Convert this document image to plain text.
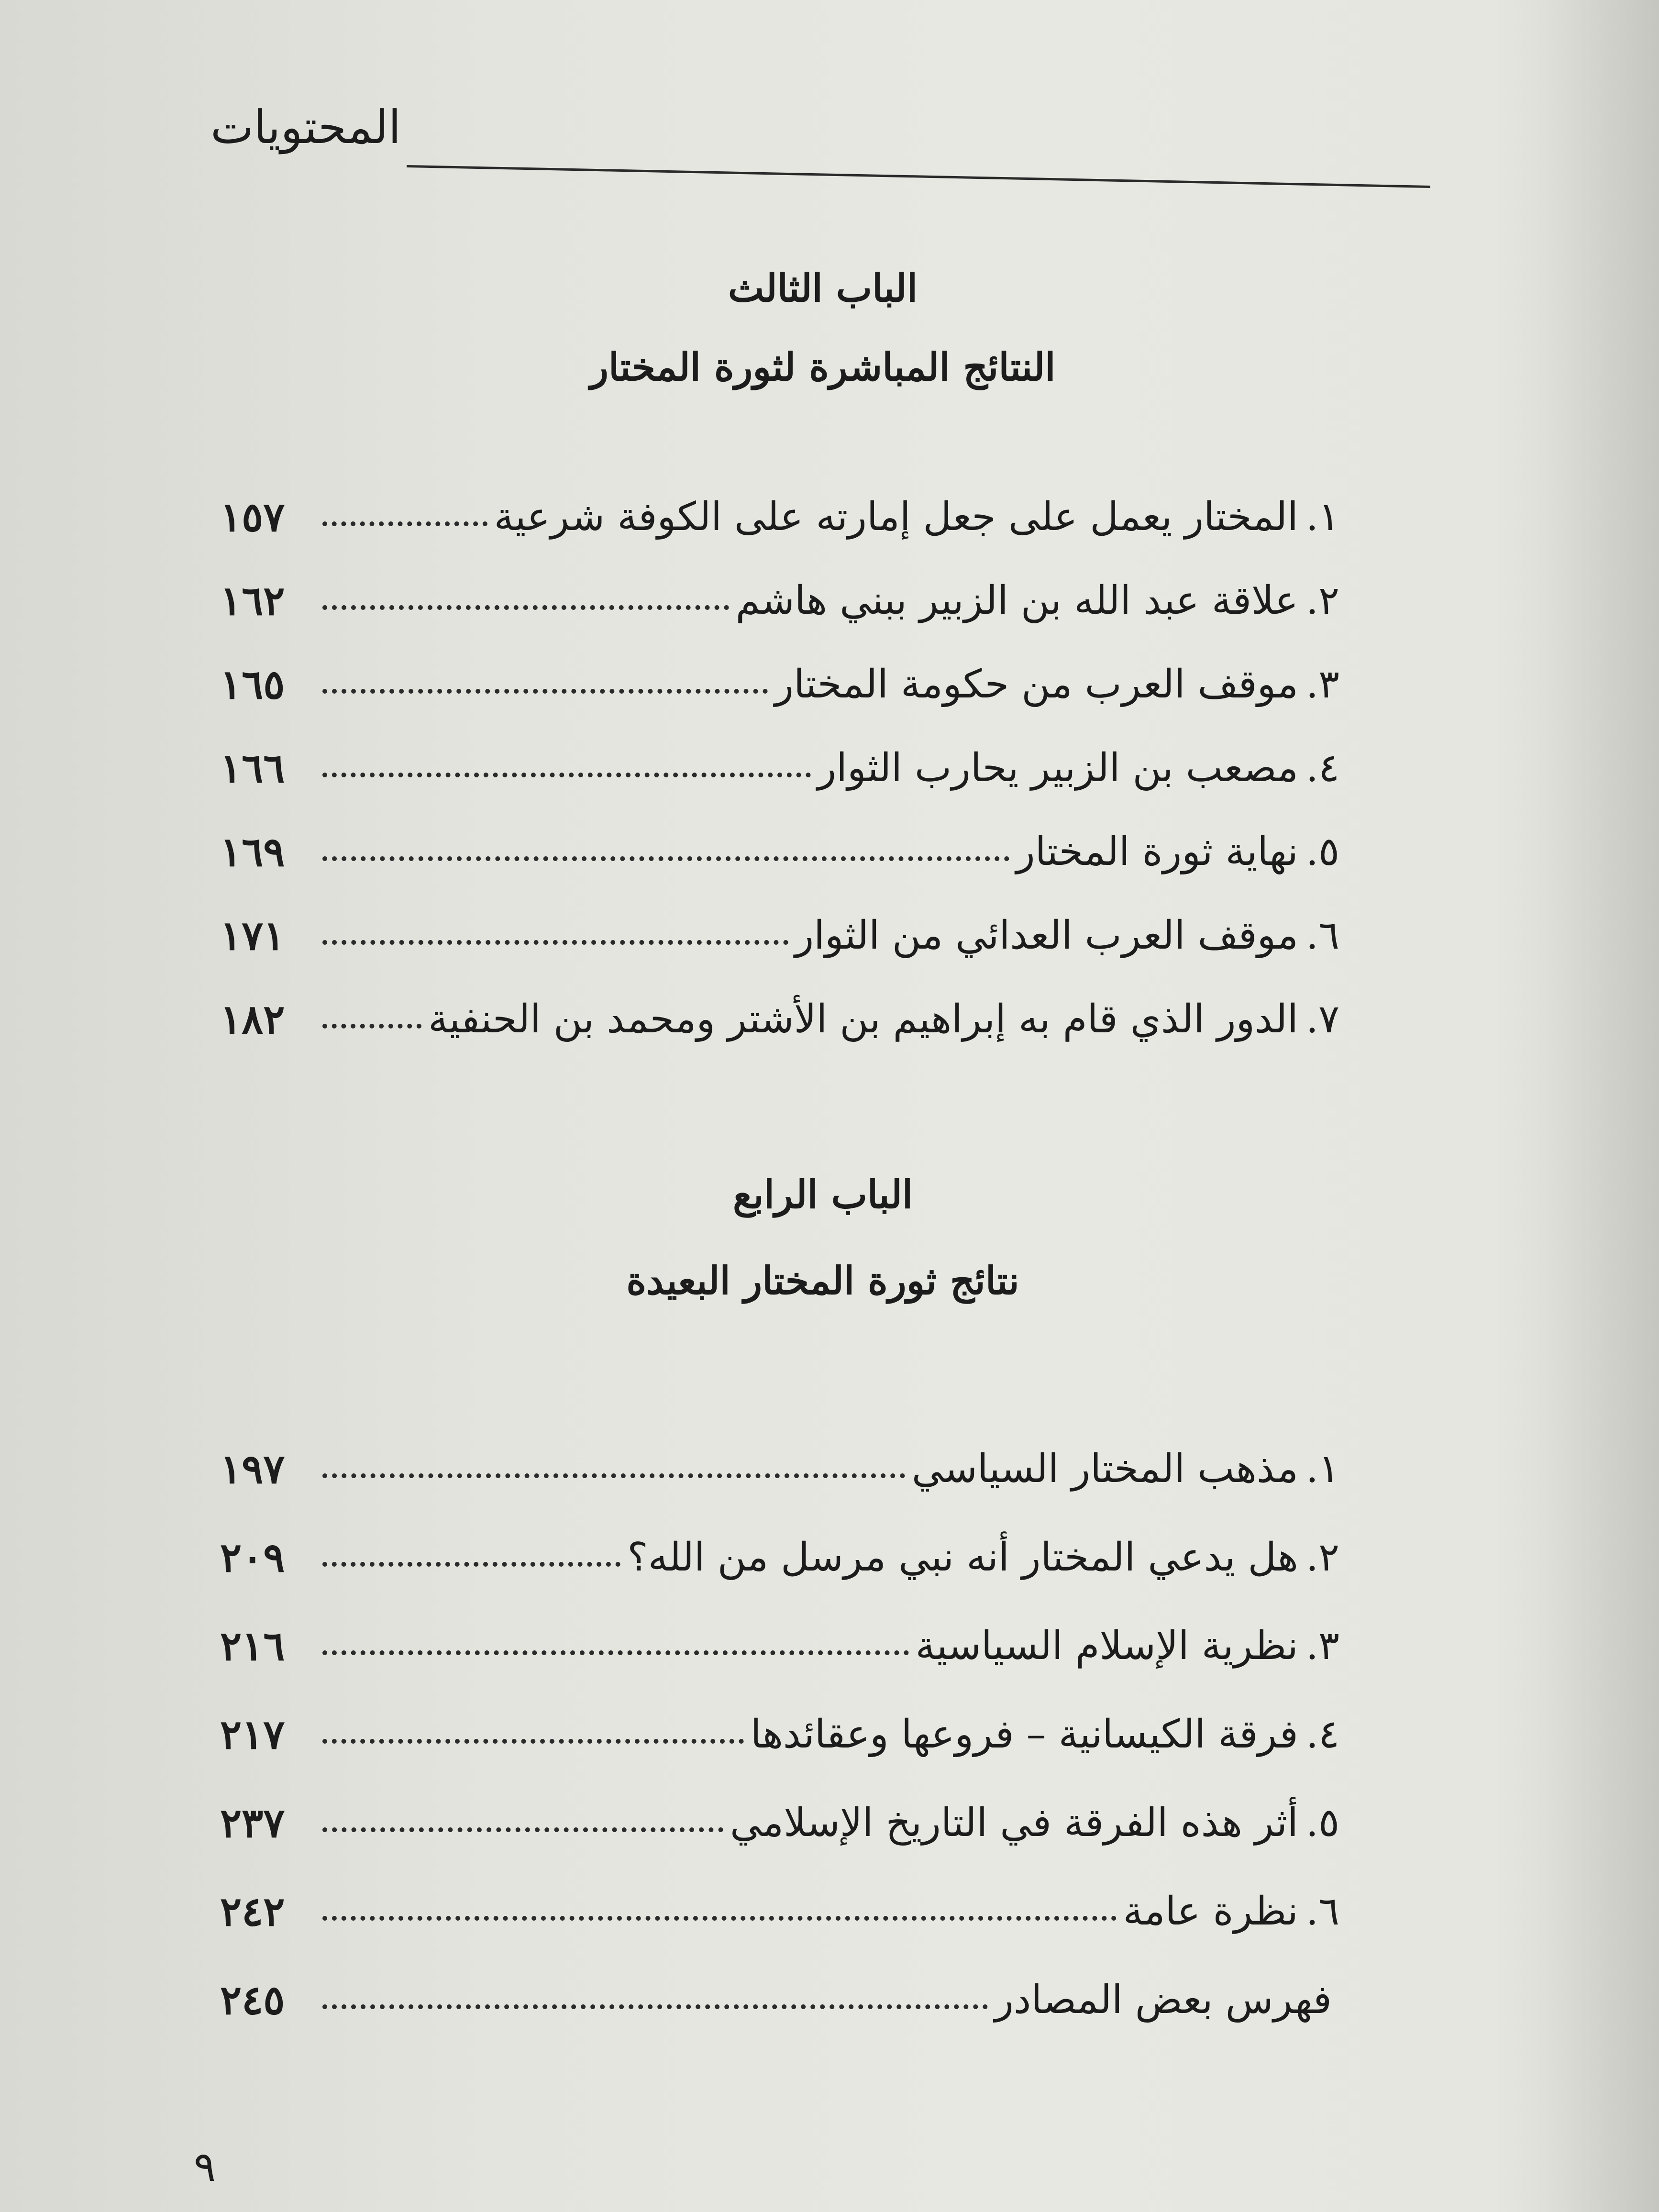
المحتويات
الباب الثالث
النتائج المباشرة لثورة المختار
١.
المختار يعمل على جعل إمارته على الكوفة شرعية
١٥٧
٢.
علاقة عبد الله بن الزبير ببني هاشم
١٦٢
٣.
موقف العرب من حكومة المختار
١٦٥
٤.
مصعب بن الزبير يحارب الثوار
١٦٦
٥.
نهاية ثورة المختار
١٦٩
٦.
موقف العرب العدائي من الثوار
١٧١
٧.
الدور الذي قام به إبراهيم بن الأشتر ومحمد بن الحنفية
١٨٢
الباب الرابع
نتائج ثورة المختار البعيدة
١.
مذهب المختار السياسي
١٩٧
٢.
هل يدعي المختار أنه نبي مرسل من الله؟
٢٠٩
٣.
نظرية الإسلام السياسية
٢١٦
٤.
فرقة الكيسانية – فروعها وعقائدها
٢١٧
٥.
أثر هذه الفرقة في التاريخ الإسلامي
٢٣٧
٦.
نظرة عامة
٢٤٢
فهرس بعض المصادر
٢٤٥
٩
